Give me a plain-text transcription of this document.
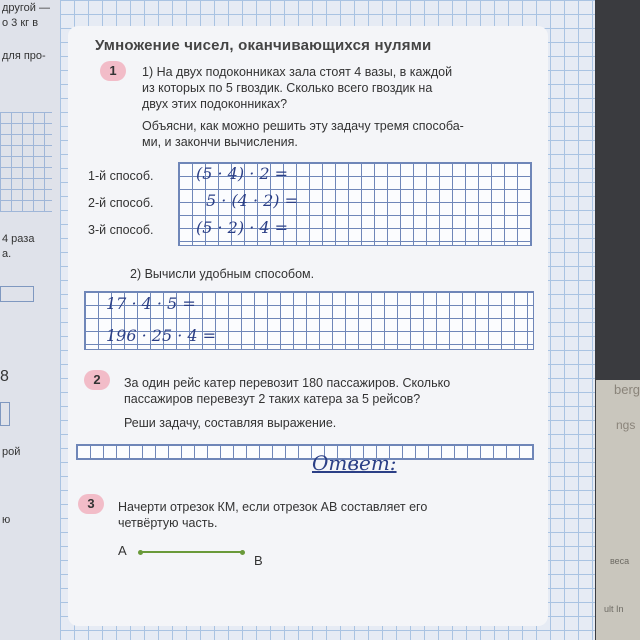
другой —
о 3 кг в
для про-
4 раза
а.
8
рой
ю
berg
ngs
веса
ult In
Умножение чисел, оканчивающихся нулями
1	1) На двух подоконниках зала стоят 4 вазы, в каждой
из которых по 5 гвоздик. Сколько всего гвоздик на
двух этих подоконниках?
Объясни, как можно решить эту задачу тремя способа-
ми, и закончи вычисления.
1-й способ.
2-й способ.
3-й способ.
(5 · 4) · 2 =
5 · (4 · 2) =
(5 · 2) · 4 =
2) Вычисли удобным способом.
17 · 4 · 5 =
196 · 25 · 4 =
2	За один рейс катер перевозит 180 пассажиров. Сколько
пассажиров перевезут 2 таких катера за 5 рейсов?
Реши задачу, составляя выражение.
Ответ:
3	Начерти отрезок КМ, если отрезок АВ составляет его
четвёртую часть.
А
В
